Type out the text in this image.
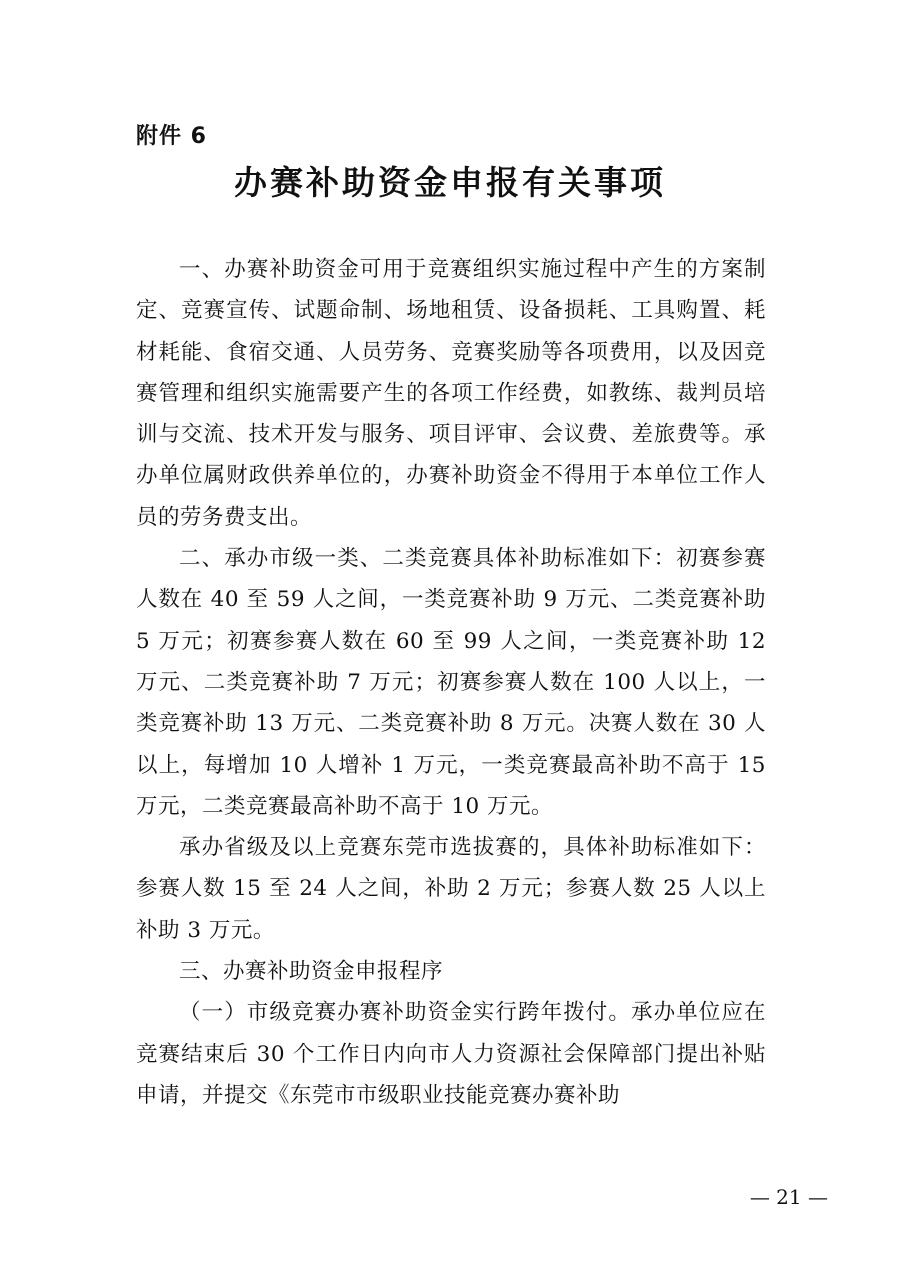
附件 6
办赛补助资金申报有关事项

一、办赛补助资金可用于竞赛组织实施过程中产生的方案制定、竞赛宣传、试题命制、场地租赁、设备损耗、工具购置、耗材耗能、食宿交通、人员劳务、竞赛奖励等各项费用，以及因竞赛管理和组织实施需要产生的各项工作经费，如教练、裁判员培训与交流、技术开发与服务、项目评审、会议费、差旅费等。承办单位属财政供养单位的，办赛补助资金不得用于本单位工作人员的劳务费支出。

二、承办市级一类、二类竞赛具体补助标准如下：初赛参赛人数在 40 至 59 人之间，一类竞赛补助 9 万元、二类竞赛补助 5 万元；初赛参赛人数在 60 至 99 人之间，一类竞赛补助 12 万元、二类竞赛补助 7 万元；初赛参赛人数在 100 人以上，一类竞赛补助 13 万元、二类竞赛补助 8 万元。决赛人数在 30 人以上，每增加 10 人增补 1 万元，一类竞赛最高补助不高于 15 万元，二类竞赛最高补助不高于 10 万元。

承办省级及以上竞赛东莞市选拔赛的，具体补助标准如下：参赛人数 15 至 24 人之间，补助 2 万元；参赛人数 25 人以上补助 3 万元。

三、办赛补助资金申报程序

（一）市级竞赛办赛补助资金实行跨年拨付。承办单位应在竞赛结束后 30 个工作日内向市人力资源社会保障部门提出补贴申请，并提交《东莞市市级职业技能竞赛办赛补助

— 21 —
